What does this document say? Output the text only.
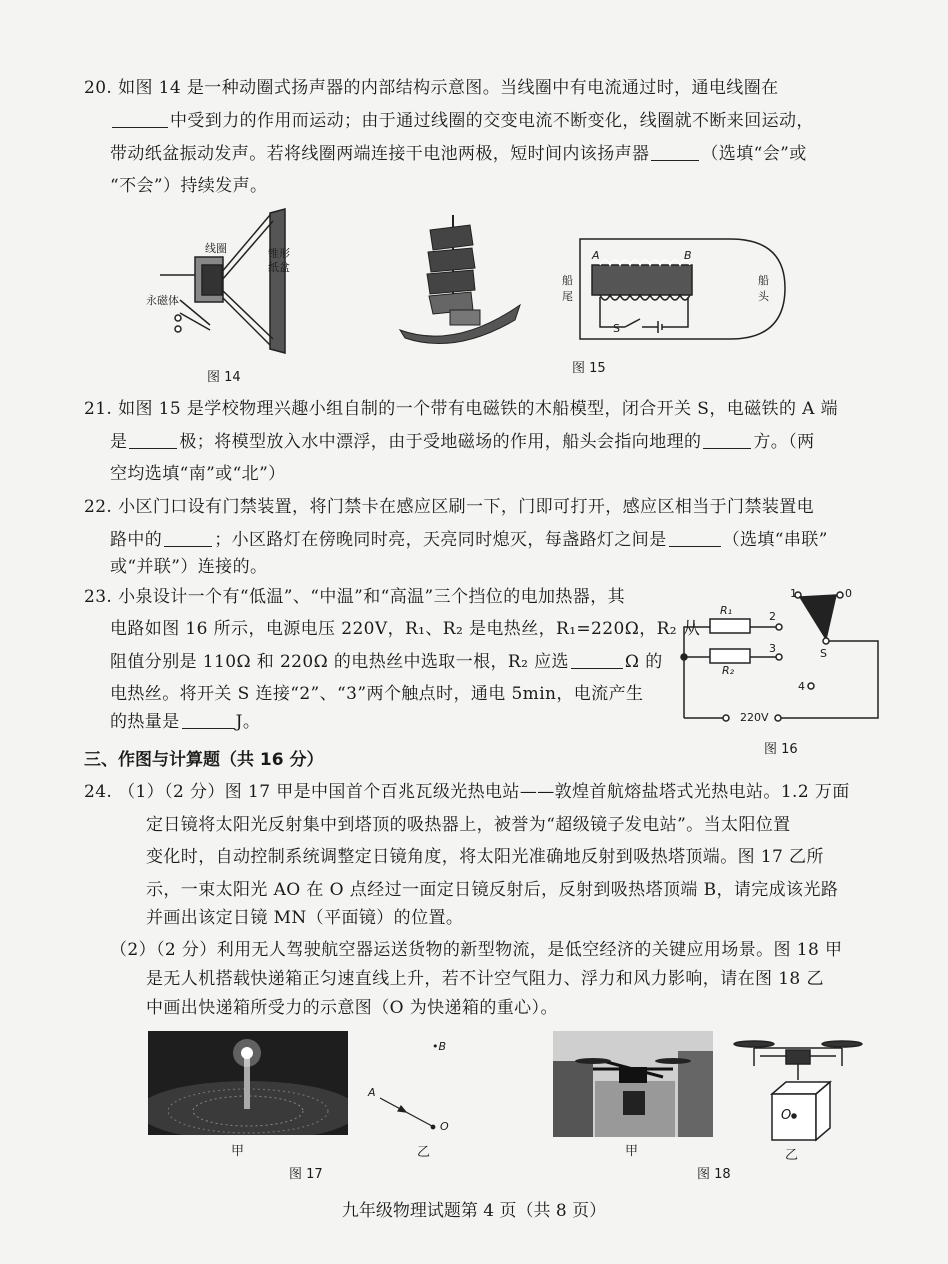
20. 如图 14 是一种动圈式扬声器的内部结构示意图。当线圈中有电流通过时，通电线圈在
中受到力的作用而运动；由于通过线圈的交变电流不断变化，线圈就不断来回运动，
带动纸盆振动发声。若将线圈两端连接干电池两极，短时间内该扬声器	（选填“会”或
“不会”）持续发声。
线圈	锥形
纸盆
永磁体
图 14
A	B
船
尾
船
头
S
图 15
21. 如图 15 是学校物理兴趣小组自制的一个带有电磁铁的木船模型，闭合开关 S，电磁铁的 A 端
是	极；将模型放入水中漂浮，由于受地磁场的作用，船头会指向地理的	方。（两
空均选填“南”或“北”）
22. 小区门口设有门禁装置，将门禁卡在感应区刷一下，门即可打开，感应区相当于门禁装置电
路中的	；小区路灯在傍晚同时亮，天亮同时熄灭，每盏路灯之间是	（选填“串联”
或“并联”）连接的。
23. 小泉设计一个有“低温”、“中温”和“高温”三个挡位的电加热器，其
电路如图 16 所示，电源电压 220V，R₁、R₂ 是电热丝，R₁=220Ω，R₂ 从
阻值分别是 110Ω 和 220Ω 的电热丝中选取一根，R₂ 应选	Ω 的
电热丝。将开关 S 连接“2”、“3”两个触点时，通电 5min，电流产生
的热量是	J。
R₁
R₂
1	0
2
3
4
S
220V
图 16
三、作图与计算题（共 16 分）
24. （1）（2 分）图 17 甲是中国首个百兆瓦级光热电站——敦煌首航熔盐塔式光热电站。1.2 万面
定日镜将太阳光反射集中到塔顶的吸热器上，被誉为“超级镜子发电站”。当太阳位置
变化时，自动控制系统调整定日镜角度，将太阳光准确地反射到吸热塔顶端。图 17 乙所
示，一束太阳光 AO 在 O 点经过一面定日镜反射后，反射到吸热塔顶端 B，请完成该光路
并画出该定日镜 MN（平面镜）的位置。
（2）（2 分）利用无人驾驶航空器运送货物的新型物流，是低空经济的关键应用场景。图 18 甲
是无人机搭载快递箱正匀速直线上升，若不计空气阻力、浮力和风力影响，请在图 18 乙
中画出快递箱所受力的示意图（O 为快递箱的重心）。
甲
•B
A
O
乙
图 17
甲
O
乙
图 18
九年级物理试题第 4 页（共 8 页）
